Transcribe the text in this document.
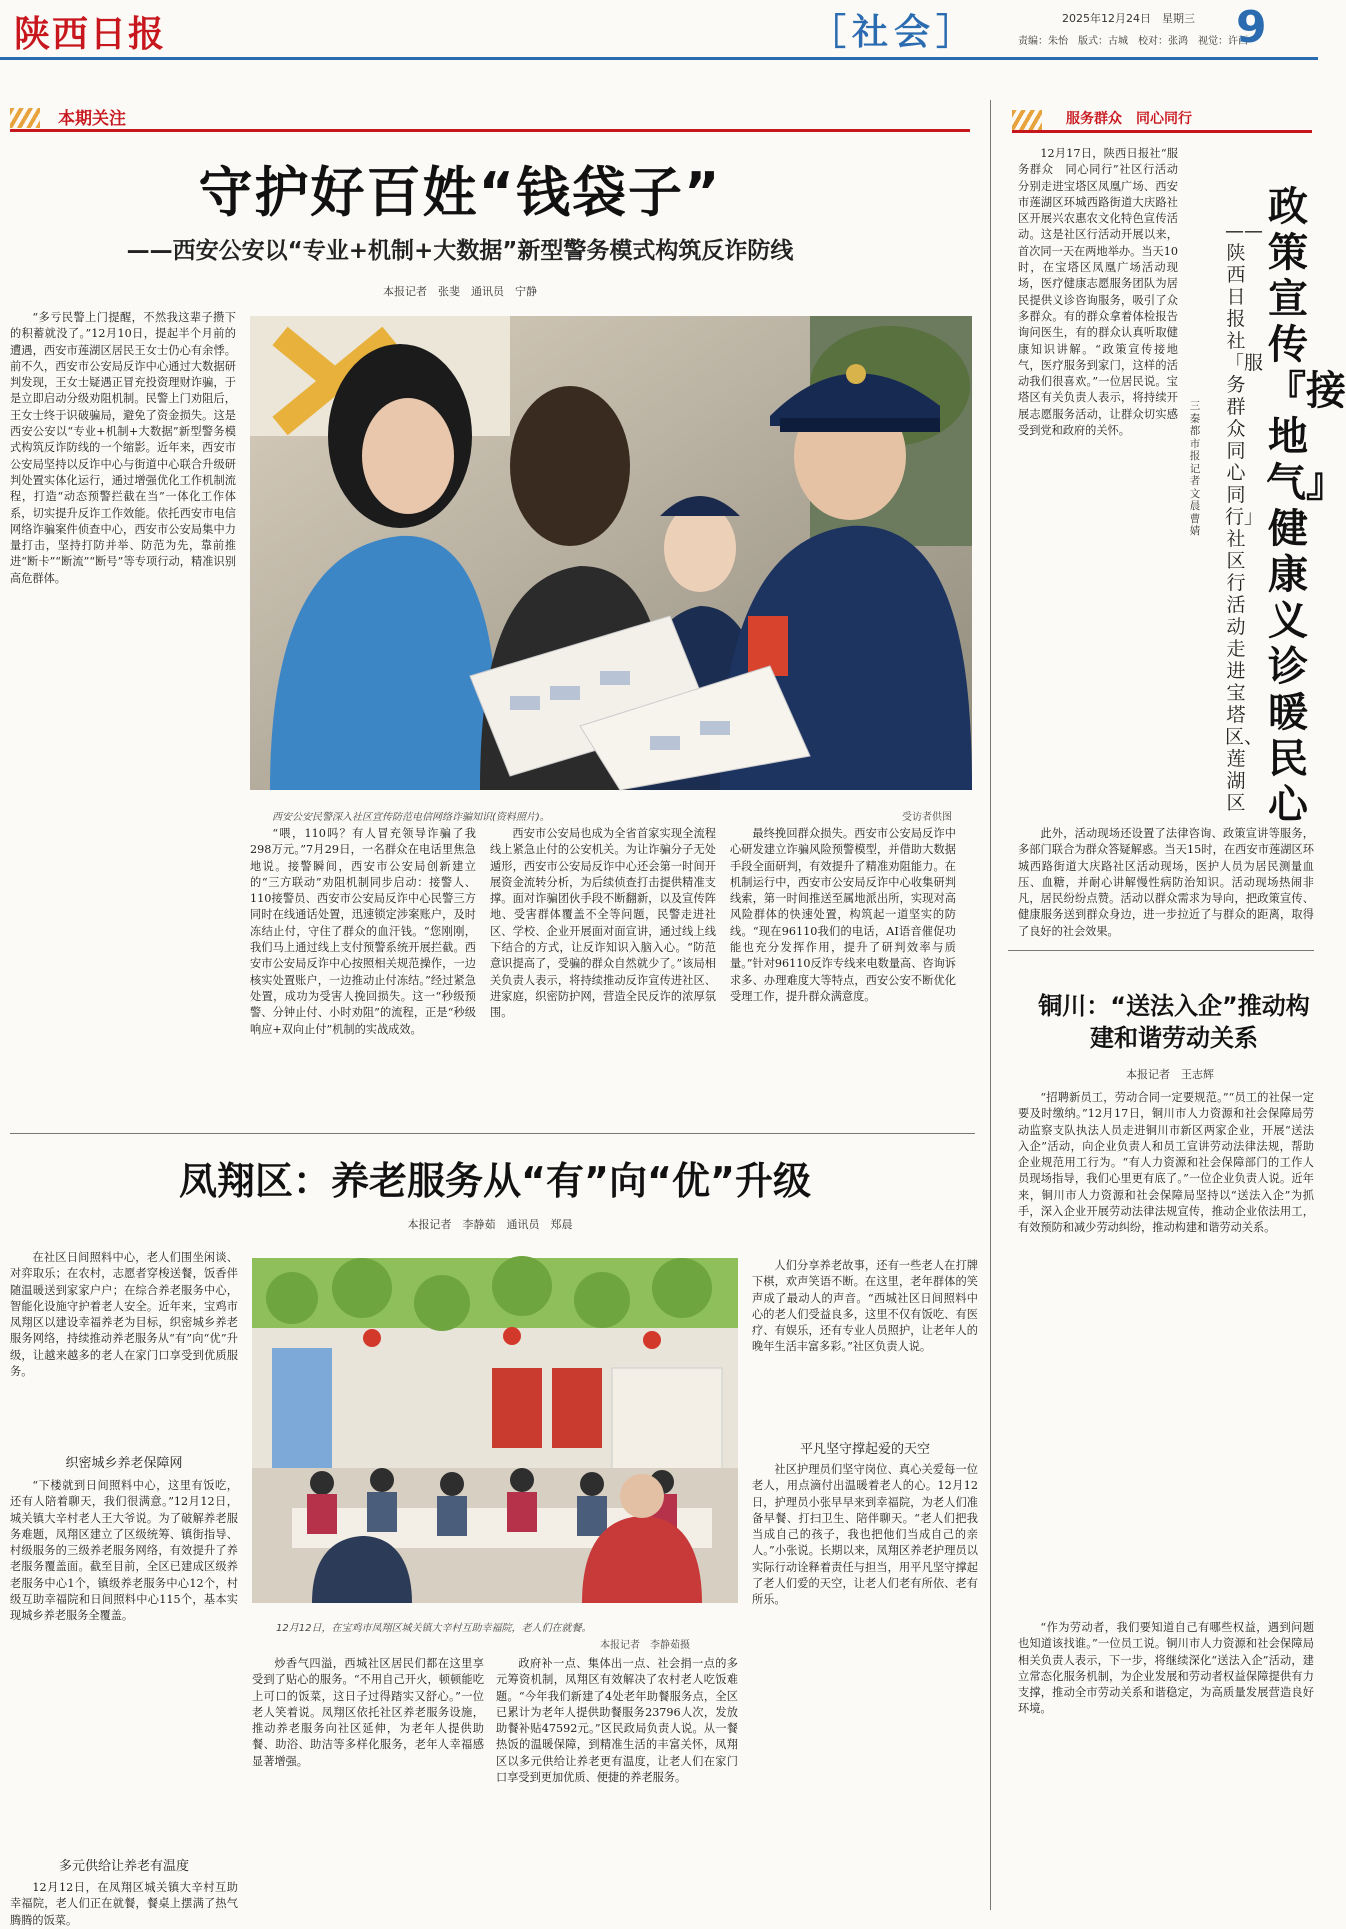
陕西日报	［社会］	2025年12月24日　星期三
责编：朱怡　版式：古城　校对：张鸿　视觉：许西
9
本期关注
守护好百姓“钱袋子”
——西安公安以“专业+机制+大数据”新型警务模式构筑反诈防线
本报记者　张斐　通讯员　宁静

“多亏民警上门提醒，不然我这辈子攒下的积蓄就没了。”12月10日，提起半个月前的遭遇，西安市莲湖区居民王女士仍心有余悸。前不久，西安市公安局反诈中心通过大数据研判发现，王女士疑遇正冒充投资理财诈骗，于是立即启动分级劝阻机制。民警上门劝阻后，王女士终于识破骗局，避免了资金损失。这是西安公安以“专业+机制+大数据”新型警务模式构筑反诈防线的一个缩影。近年来，西安市公安局坚持以反诈中心与街道中心联合升级研判处置实体化运行，通过增强优化工作机制流程，打造“动态预警拦截在当”一体化工作体系，切实提升反诈工作效能。依托西安市电信网络诈骗案件侦查中心，西安市公安局集中力量打击，坚持打防并举、防范为先，靠前推进“断卡”“断流”“断号”等专项行动，精准识别高危群体。

西安公安民警深入社区宣传防范电信网络诈骗知识(资料照片)。	受访者供图

“喂，110吗？有人冒充领导诈骗了我298万元。”7月29日，一名群众在电话里焦急地说。接警瞬间，西安市公安局创新建立的“三方联动”劝阻机制同步启动：接警人、110接警员、西安市公安局反诈中心民警三方同时在线通话处置，迅速锁定涉案账户，及时冻结止付，守住了群众的血汗钱。“您刚刚，我们马上通过线上支付预警系统开展拦截。西安市公安局反诈中心按照相关规范操作，一边核实处置账户，一边推动止付冻结。”经过紧急处置，成功为受害人挽回损失。这一“秒级预警、分钟止付、小时劝阻”的流程，正是“秒级响应+双向止付”机制的实战成效。

西安市公安局也成为全省首家实现全流程线上紧急止付的公安机关。为让诈骗分子无处遁形，西安市公安局反诈中心还会第一时间开展资金流转分析，为后续侦查打击提供精准支撑。面对诈骗团伙手段不断翻新，以及宣传阵地、受害群体覆盖不全等问题，民警走进社区、学校、企业开展面对面宣讲，通过线上线下结合的方式，让反诈知识入脑入心。“防范意识提高了，受骗的群众自然就少了。”该局相关负责人表示，将持续推动反诈宣传进社区、进家庭，织密防护网，营造全民反诈的浓厚氛围。

最终挽回群众损失。西安市公安局反诈中心研发建立诈骗风险预警模型，并借助大数据手段全面研判，有效提升了精准劝阻能力。在机制运行中，西安市公安局反诈中心收集研判线索，第一时间推送至属地派出所，实现对高风险群体的快速处置，构筑起一道坚实的防线。“现在96110我们的电话，AI语音催促功能也充分发挥作用，提升了研判效率与质量。”针对96110反诈专线来电数量高、咨询诉求多、办理难度大等特点，西安公安不断优化受理工作，提升群众满意度。

凤翔区：养老服务从“有”向“优”升级
本报记者　李静茹　通讯员　郑晨

在社区日间照料中心，老人们围坐闲谈、对弈取乐；在农村，志愿者穿梭送餐，饭香伴随温暖送到家家户户；在综合养老服务中心，智能化设施守护着老人安全。近年来，宝鸡市凤翔区以建设幸福养老为目标，织密城乡养老服务网络，持续推动养老服务从“有”向“优”升级，让越来越多的老人在家门口享受到优质服务。

织密城乡养老保障网

“下楼就到日间照料中心，这里有饭吃，还有人陪着聊天，我们很满意。”12月12日，城关镇大辛村老人王大爷说。为了破解养老服务难题，凤翔区建立了区级统筹、镇街指导、村级服务的三级养老服务网络，有效提升了养老服务覆盖面。截至目前，全区已建成区级养老服务中心1个，镇级养老服务中心12个，村级互助幸福院和日间照料中心115个，基本实现城乡养老服务全覆盖。

多元供给让养老有温度

12月12日，在凤翔区城关镇大辛村互助幸福院，老人们正在就餐，餐桌上摆满了热气腾腾的饭菜。

12月12日，在宝鸡市凤翔区城关镇大辛村互助幸福院，老人们在就餐。
本报记者　李静茹摄

炒香气四溢，西城社区居民们都在这里享受到了贴心的服务。“不用自己开火，顿顿能吃上可口的饭菜，这日子过得踏实又舒心。”一位老人笑着说。凤翔区依托社区养老服务设施，推动养老服务向社区延伸，为老年人提供助餐、助浴、助洁等多样化服务，老年人幸福感显著增强。

政府补一点、集体出一点、社会捐一点的多元筹资机制，凤翔区有效解决了农村老人吃饭难题。“今年我们新建了4处老年助餐服务点，全区已累计为老年人提供助餐服务23796人次，发放助餐补贴47592元。”区民政局负责人说。从一餐热饭的温暖保障，到精准生活的丰富关怀，凤翔区以多元供给让养老更有温度，让老人们在家门口享受到更加优质、便捷的养老服务。

人们分享养老故事，还有一些老人在打牌下棋，欢声笑语不断。在这里，老年群体的笑声成了最动人的声音。“西城社区日间照料中心的老人们受益良多，这里不仅有饭吃、有医疗、有娱乐，还有专业人员照护，让老年人的晚年生活丰富多彩。”社区负责人说。

平凡坚守撑起爱的天空

社区护理员们坚守岗位、真心关爱每一位老人，用点滴付出温暖着老人的心。12月12日，护理员小张早早来到幸福院，为老人们准备早餐、打扫卫生、陪伴聊天。“老人们把我当成自己的孩子，我也把他们当成自己的亲人。”小张说。长期以来，凤翔区养老护理员以实际行动诠释着责任与担当，用平凡坚守撑起了老人们爱的天空，让老人们老有所依、老有所乐。

服务群众　同心同行

12月17日，陕西日报社“服务群众　同心同行”社区行活动分别走进宝塔区凤凰广场、西安市莲湖区环城西路街道大庆路社区开展兴农惠农文化特色宣传活动。这是社区行活动开展以来，首次同一天在两地举办。当天10时，在宝塔区凤凰广场活动现场，医疗健康志愿服务团队为居民提供义诊咨询服务，吸引了众多群众。有的群众拿着体检报告询问医生，有的群众认真听取健康知识讲解。“政策宣传接地气，医疗服务到家门，这样的活动我们很喜欢。”一位居民说。宝塔区有关负责人表示，将持续开展志愿服务活动，让群众切实感受到党和政府的关怀。

政策宣传『接地气』健康义诊暖民心
——陕西日报社「服务群众　同心同行」社区行活动走进宝塔区、莲湖区
三秦都市报记者　文晨　曹婧

此外，活动现场还设置了法律咨询、政策宣讲等服务，多部门联合为群众答疑解惑。当天15时，在西安市莲湖区环城西路街道大庆路社区活动现场，医护人员为居民测量血压、血糖，并耐心讲解慢性病防治知识。活动现场热闹非凡，居民纷纷点赞。活动以群众需求为导向，把政策宣传、健康服务送到群众身边，进一步拉近了与群众的距离，取得了良好的社会效果。

铜川：“送法入企”推动构建和谐劳动关系
本报记者　王志辉

“招聘新员工，劳动合同一定要规范。”“员工的社保一定要及时缴纳。”12月17日，铜川市人力资源和社会保障局劳动监察支队执法人员走进铜川市新区两家企业，开展“送法入企”活动，向企业负责人和员工宣讲劳动法律法规，帮助企业规范用工行为。“有人力资源和社会保障部门的工作人员现场指导，我们心里更有底了。”一位企业负责人说。近年来，铜川市人力资源和社会保障局坚持以“送法入企”为抓手，深入企业开展劳动法律法规宣传，推动企业依法用工，有效预防和减少劳动纠纷，推动构建和谐劳动关系。

“作为劳动者，我们要知道自己有哪些权益，遇到问题也知道该找谁。”一位员工说。铜川市人力资源和社会保障局相关负责人表示，下一步，将继续深化“送法入企”活动，建立常态化服务机制，为企业发展和劳动者权益保障提供有力支撑，推动全市劳动关系和谐稳定，为高质量发展营造良好环境。
